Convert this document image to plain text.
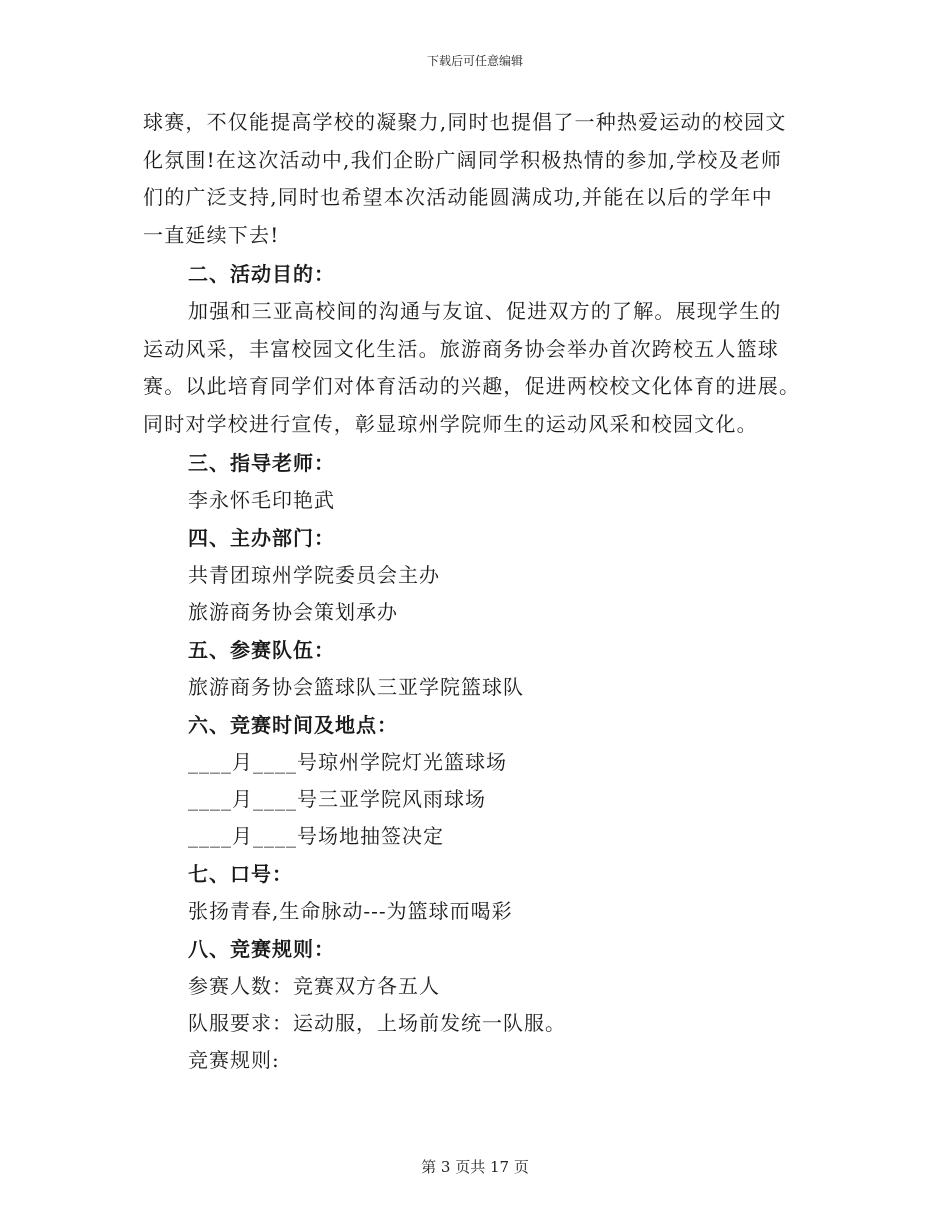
下载后可任意编辑
球赛，不仅能提高学校的凝聚力,同时也提倡了一种热爱运动的校园文
化氛围!在这次活动中,我们企盼广阔同学积极热情的参加,学校及老师
们的广泛支持,同时也希望本次活动能圆满成功,并能在以后的学年中
一直延续下去!
二、活动目的：
加强和三亚高校间的沟通与友谊、促进双方的了解。展现学生的
运动风采，丰富校园文化生活。旅游商务协会举办首次跨校五人篮球
赛。以此培育同学们对体育活动的兴趣，促进两校校文化体育的进展。
同时对学校进行宣传，彰显琼州学院师生的运动风采和校园文化。
三、指导老师：
李永怀毛印艳武
四、主办部门：
共青团琼州学院委员会主办
旅游商务协会策划承办
五、参赛队伍：
旅游商务协会篮球队三亚学院篮球队
六、竞赛时间及地点：
____月____号琼州学院灯光篮球场
____月____号三亚学院风雨球场
____月____号场地抽签决定
七、口号：
张扬青春,生命脉动---为篮球而喝彩
八、竞赛规则：
参赛人数：竞赛双方各五人
队服要求：运动服，上场前发统一队服。
竞赛规则:
第 3 页共 17 页
